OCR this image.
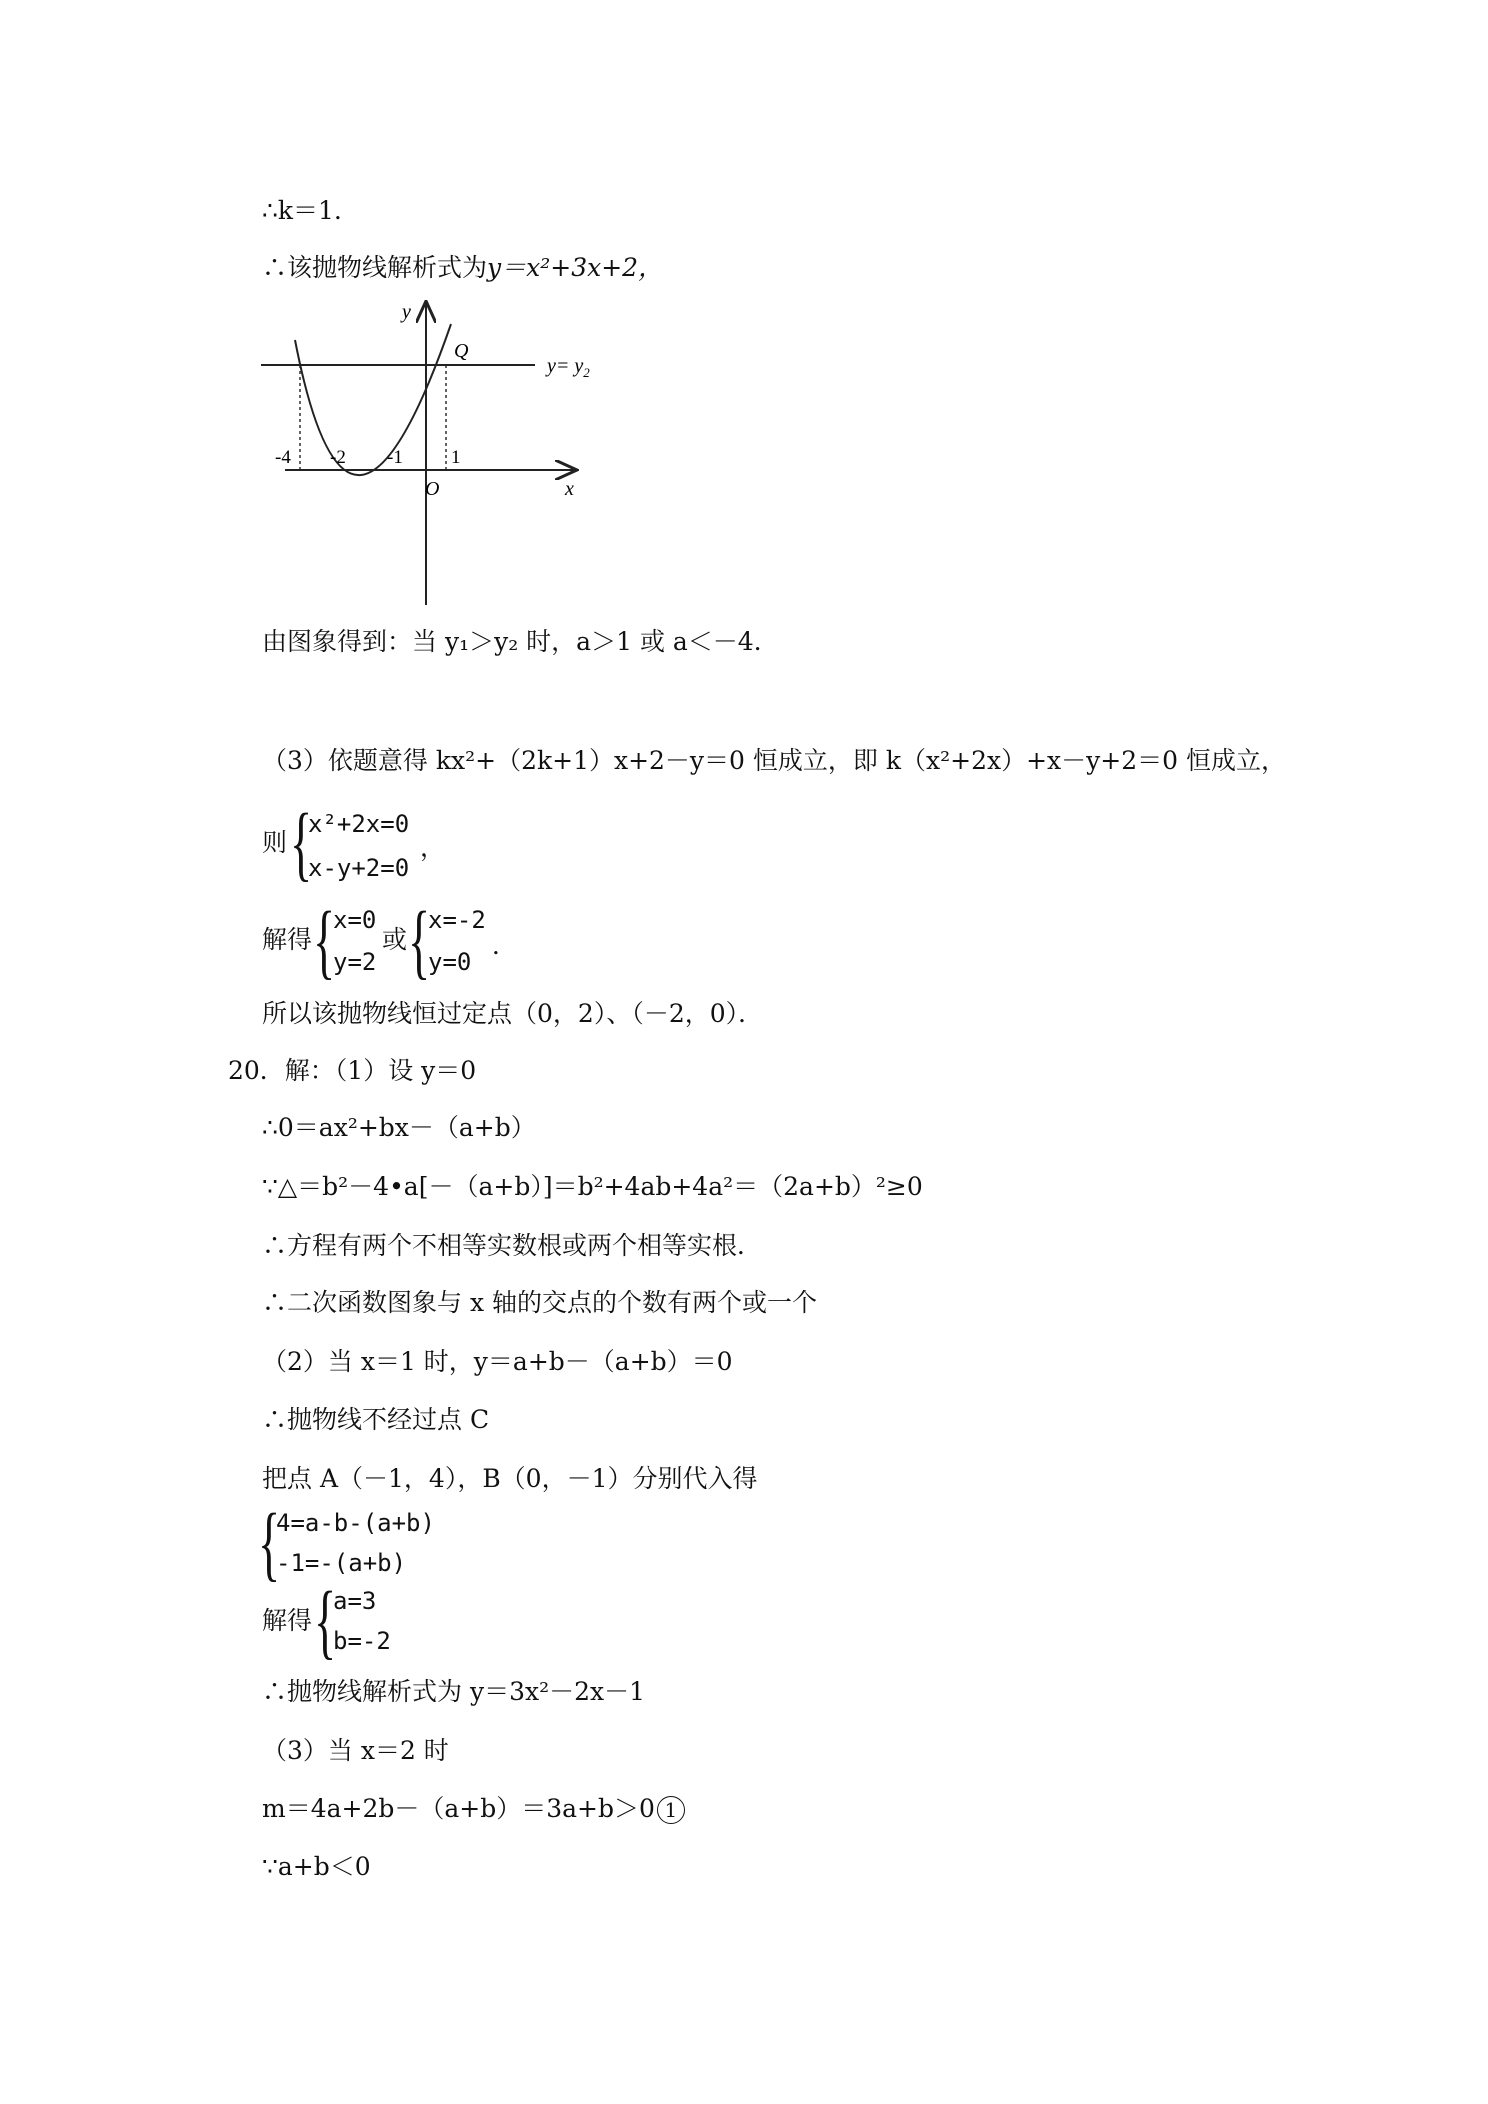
∴k＝1．
∴该抛物线解析式为y＝x²+3x+2，
y
x
O
Q
$y= y_2$
-4 -2 -1	1
由图象得到：当 y₁＞y₂ 时，a＞1 或 a＜－4．
（3）依题意得 kx²+（2k+1）x+2－y＝0 恒成立，即 k（x²+2x）+x－y+2＝0 恒成立，
则 {
x²+2x=0
x-y+2=0
，
解得 {
x=0
y=2
或 {
x=-2
y=0
．
所以该抛物线恒过定点（0，2）、（－2，0）．
20．解：（1）设 y＝0
∴0＝ax²+bx－（a+b）
∵△＝b²－4•a[－（a+b）]＝b²+4ab+4a²＝（2a+b）²≥0
∴方程有两个不相等实数根或两个相等实根．
∴二次函数图象与 x 轴的交点的个数有两个或一个
（2）当 x＝1 时，y＝a+b－（a+b）＝0
∴抛物线不经过点 C
把点 A（－1，4），B（0，－1）分别代入得
{
4=a-b-(a+b)
-1=-(a+b)
解得 {
a=3
b=-2
∴抛物线解析式为 y＝3x²－2x－1
（3）当 x＝2 时
m＝4a+2b－（a+b）＝3a+b＞0 1
∵a+b＜0
